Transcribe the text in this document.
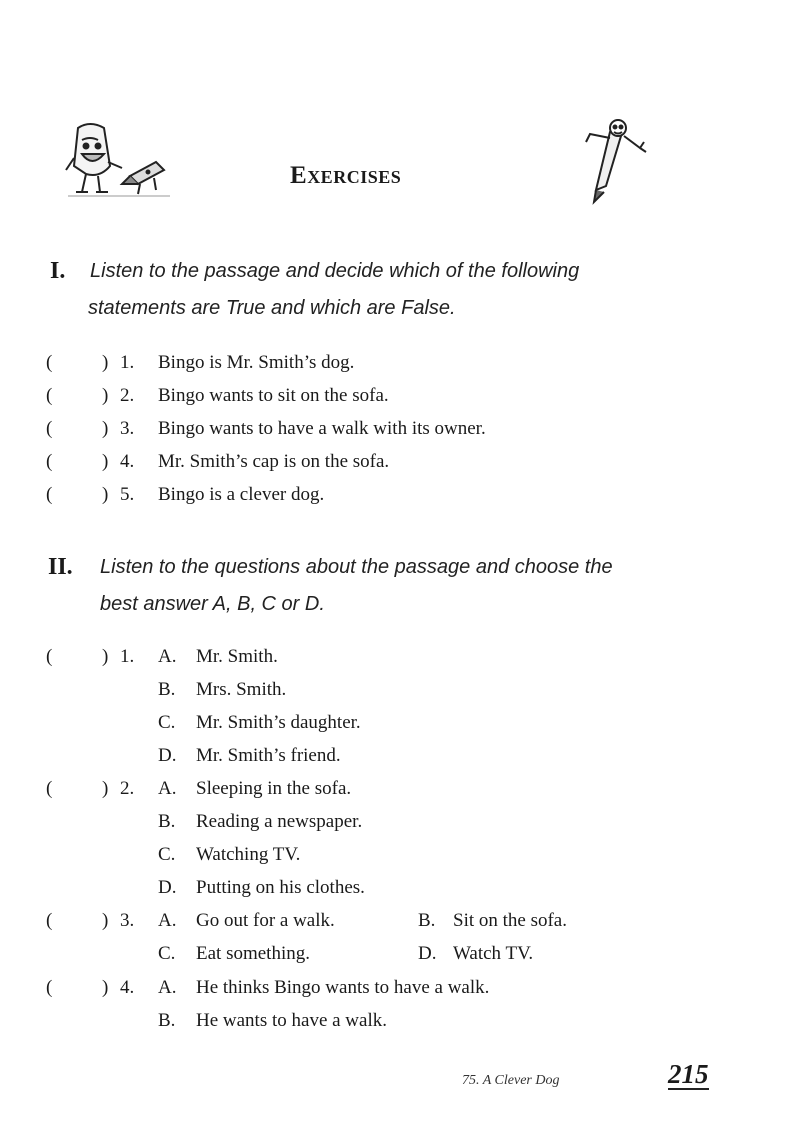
EXERCISES
I. Listen to the passage and decide which of the following
statements are True and which are False.
(	) 1. Bingo is Mr. Smith’s dog.
(	) 2. Bingo wants to sit on the sofa.
(	) 3. Bingo wants to have a walk with its owner.
(	) 4. Mr. Smith’s cap is on the sofa.
(	) 5. Bingo is a clever dog.
II. Listen to the questions about the passage and choose the
best answer A, B, C or D.
(	) 1. A. Mr. Smith.
B. Mrs. Smith.
C. Mr. Smith’s daughter.
D. Mr. Smith’s friend.
(	) 2. A. Sleeping in the sofa.
B. Reading a newspaper.
C. Watching TV.
D. Putting on his clothes.
(	) 3. A. Go out for a walk.	B. Sit on the sofa.
C. Eat something.	D. Watch TV.
(	) 4. A. He thinks Bingo wants to have a walk.
B. He wants to have a walk.
75. A Clever Dog	215
